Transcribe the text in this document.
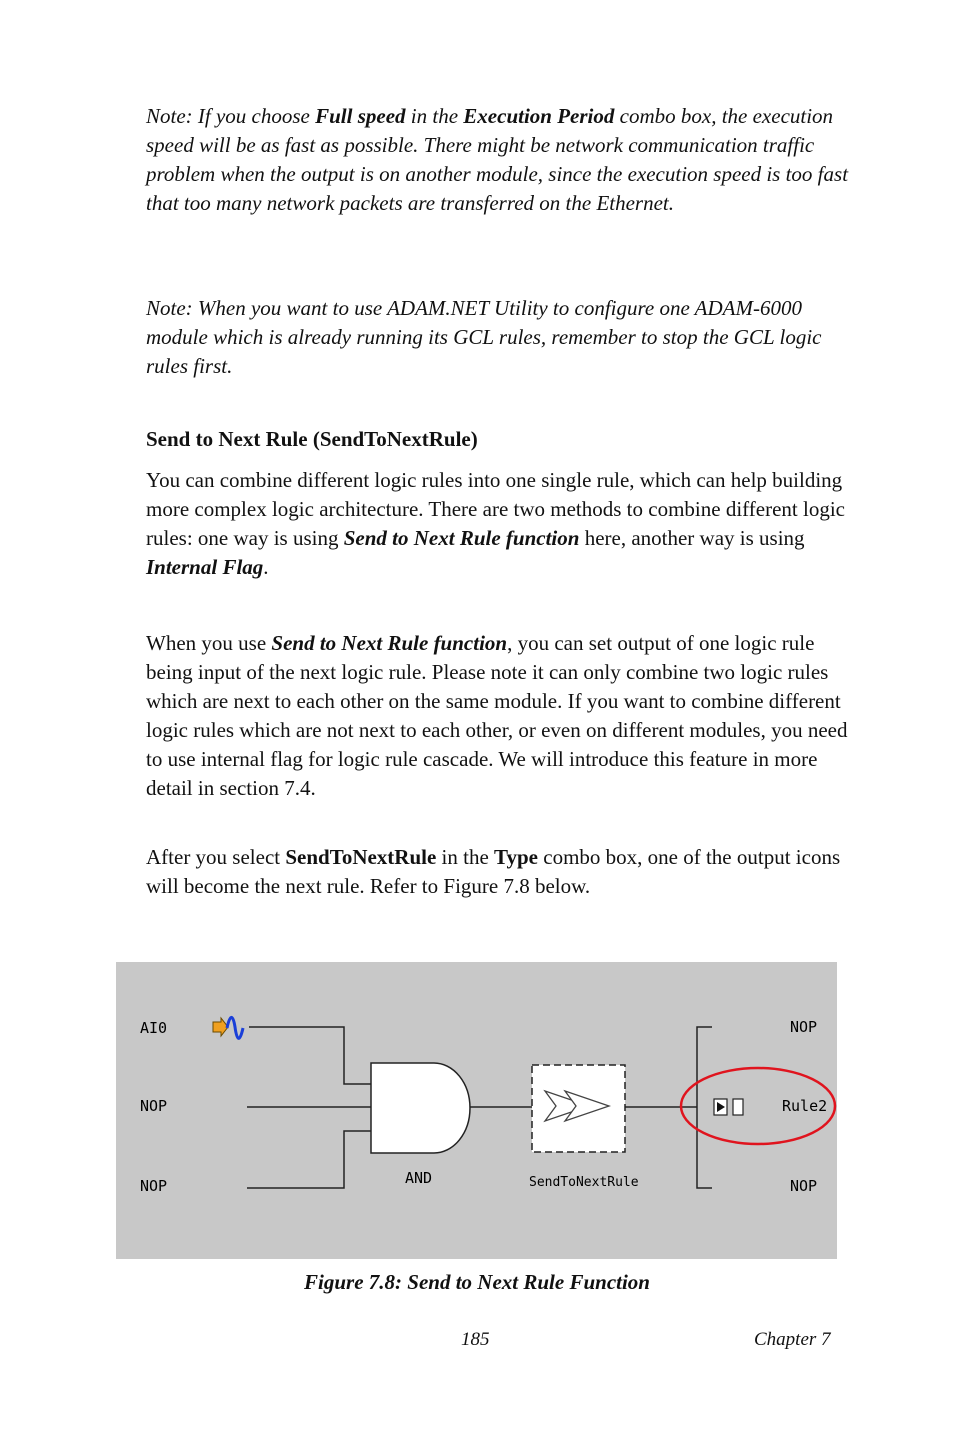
Note: If you choose Full speed in the Execution Period combo box, the execution speed will be as fast as possible. There might be network communication traffic problem when the output is on another module, since the execution speed is too fast that too many network packets are transferred on the Ethernet.

Note: When you want to use ADAM.NET Utility to configure one ADAM-6000 module which is already running its GCL rules, remember to stop the GCL logic rules first.

Send to Next Rule (SendToNextRule)

You can combine different logic rules into one single rule, which can help building more complex logic architecture. There are two methods to combine different logic rules: one way is using Send to Next Rule function here, another way is using Internal Flag.

When you use Send to Next Rule function, you can set output of one logic rule being input of the next logic rule. Please note it can only combine two logic rules which are next to each other on the same module. If you want to combine different logic rules which are not next to each other, or even on different modules, you need to use internal flag for logic rule cascade. We will introduce this feature in more detail in section 7.4.

After you select SendToNextRule in the Type combo box, one of the output icons will become the next rule. Refer to Figure 7.8 below.

AI0
NOP
NOP	AND	SendToNextRule
NOP
Rule2
NOP

Figure 7.8: Send to Next Rule Function

185	Chapter 7
